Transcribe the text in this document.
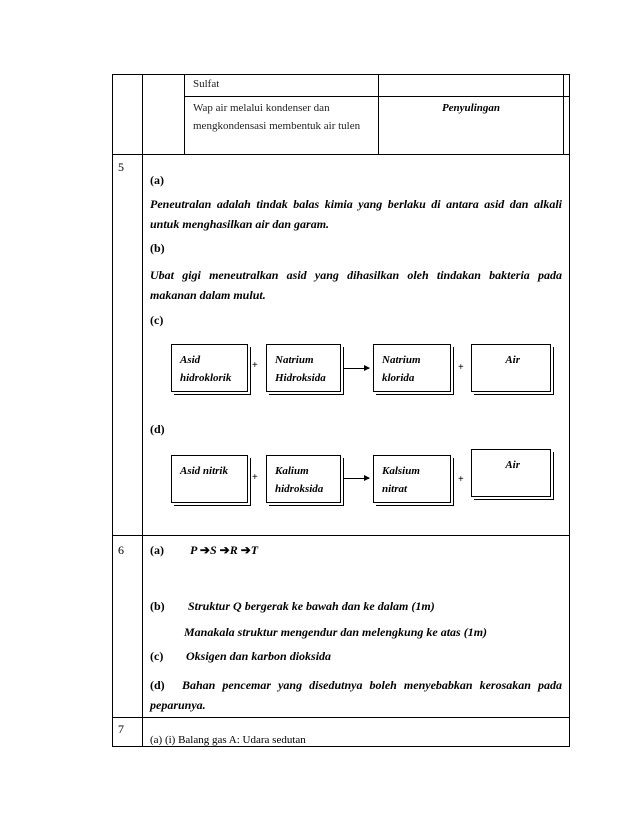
Sulfat
Wap air melalui kondenser dan mengkondensasi membentuk air tulen
Penyulingan
5
(a)
Peneutralan adalah tindak balas kimia yang berlaku di antara asid dan alkali untuk menghasilkan air dan garam.
(b)
Ubat gigi meneutralkan asid yang dihasilkan oleh tindakan bakteria pada makanan dalam mulut.
(c)
Asid hidroklorik
+ Natrium Hidroksida
Natrium klorida
+
Air
(d)
Asid nitrik
+
Kalium hidroksida
Kalsium nitrat
+
Air
6 (a) P ➔S ➔R ➔T
(b) Struktur Q bergerak ke bawah dan ke dalam (1m)
Manakala struktur mengendur dan melengkung ke atas (1m)
(c) Oksigen dan karbon dioksida
(d)	Bahan pencemar yang disedutnya boleh menyebabkan kerosakan pada peparunya.
7
(a) (i) Balang gas A: Udara sedutan
